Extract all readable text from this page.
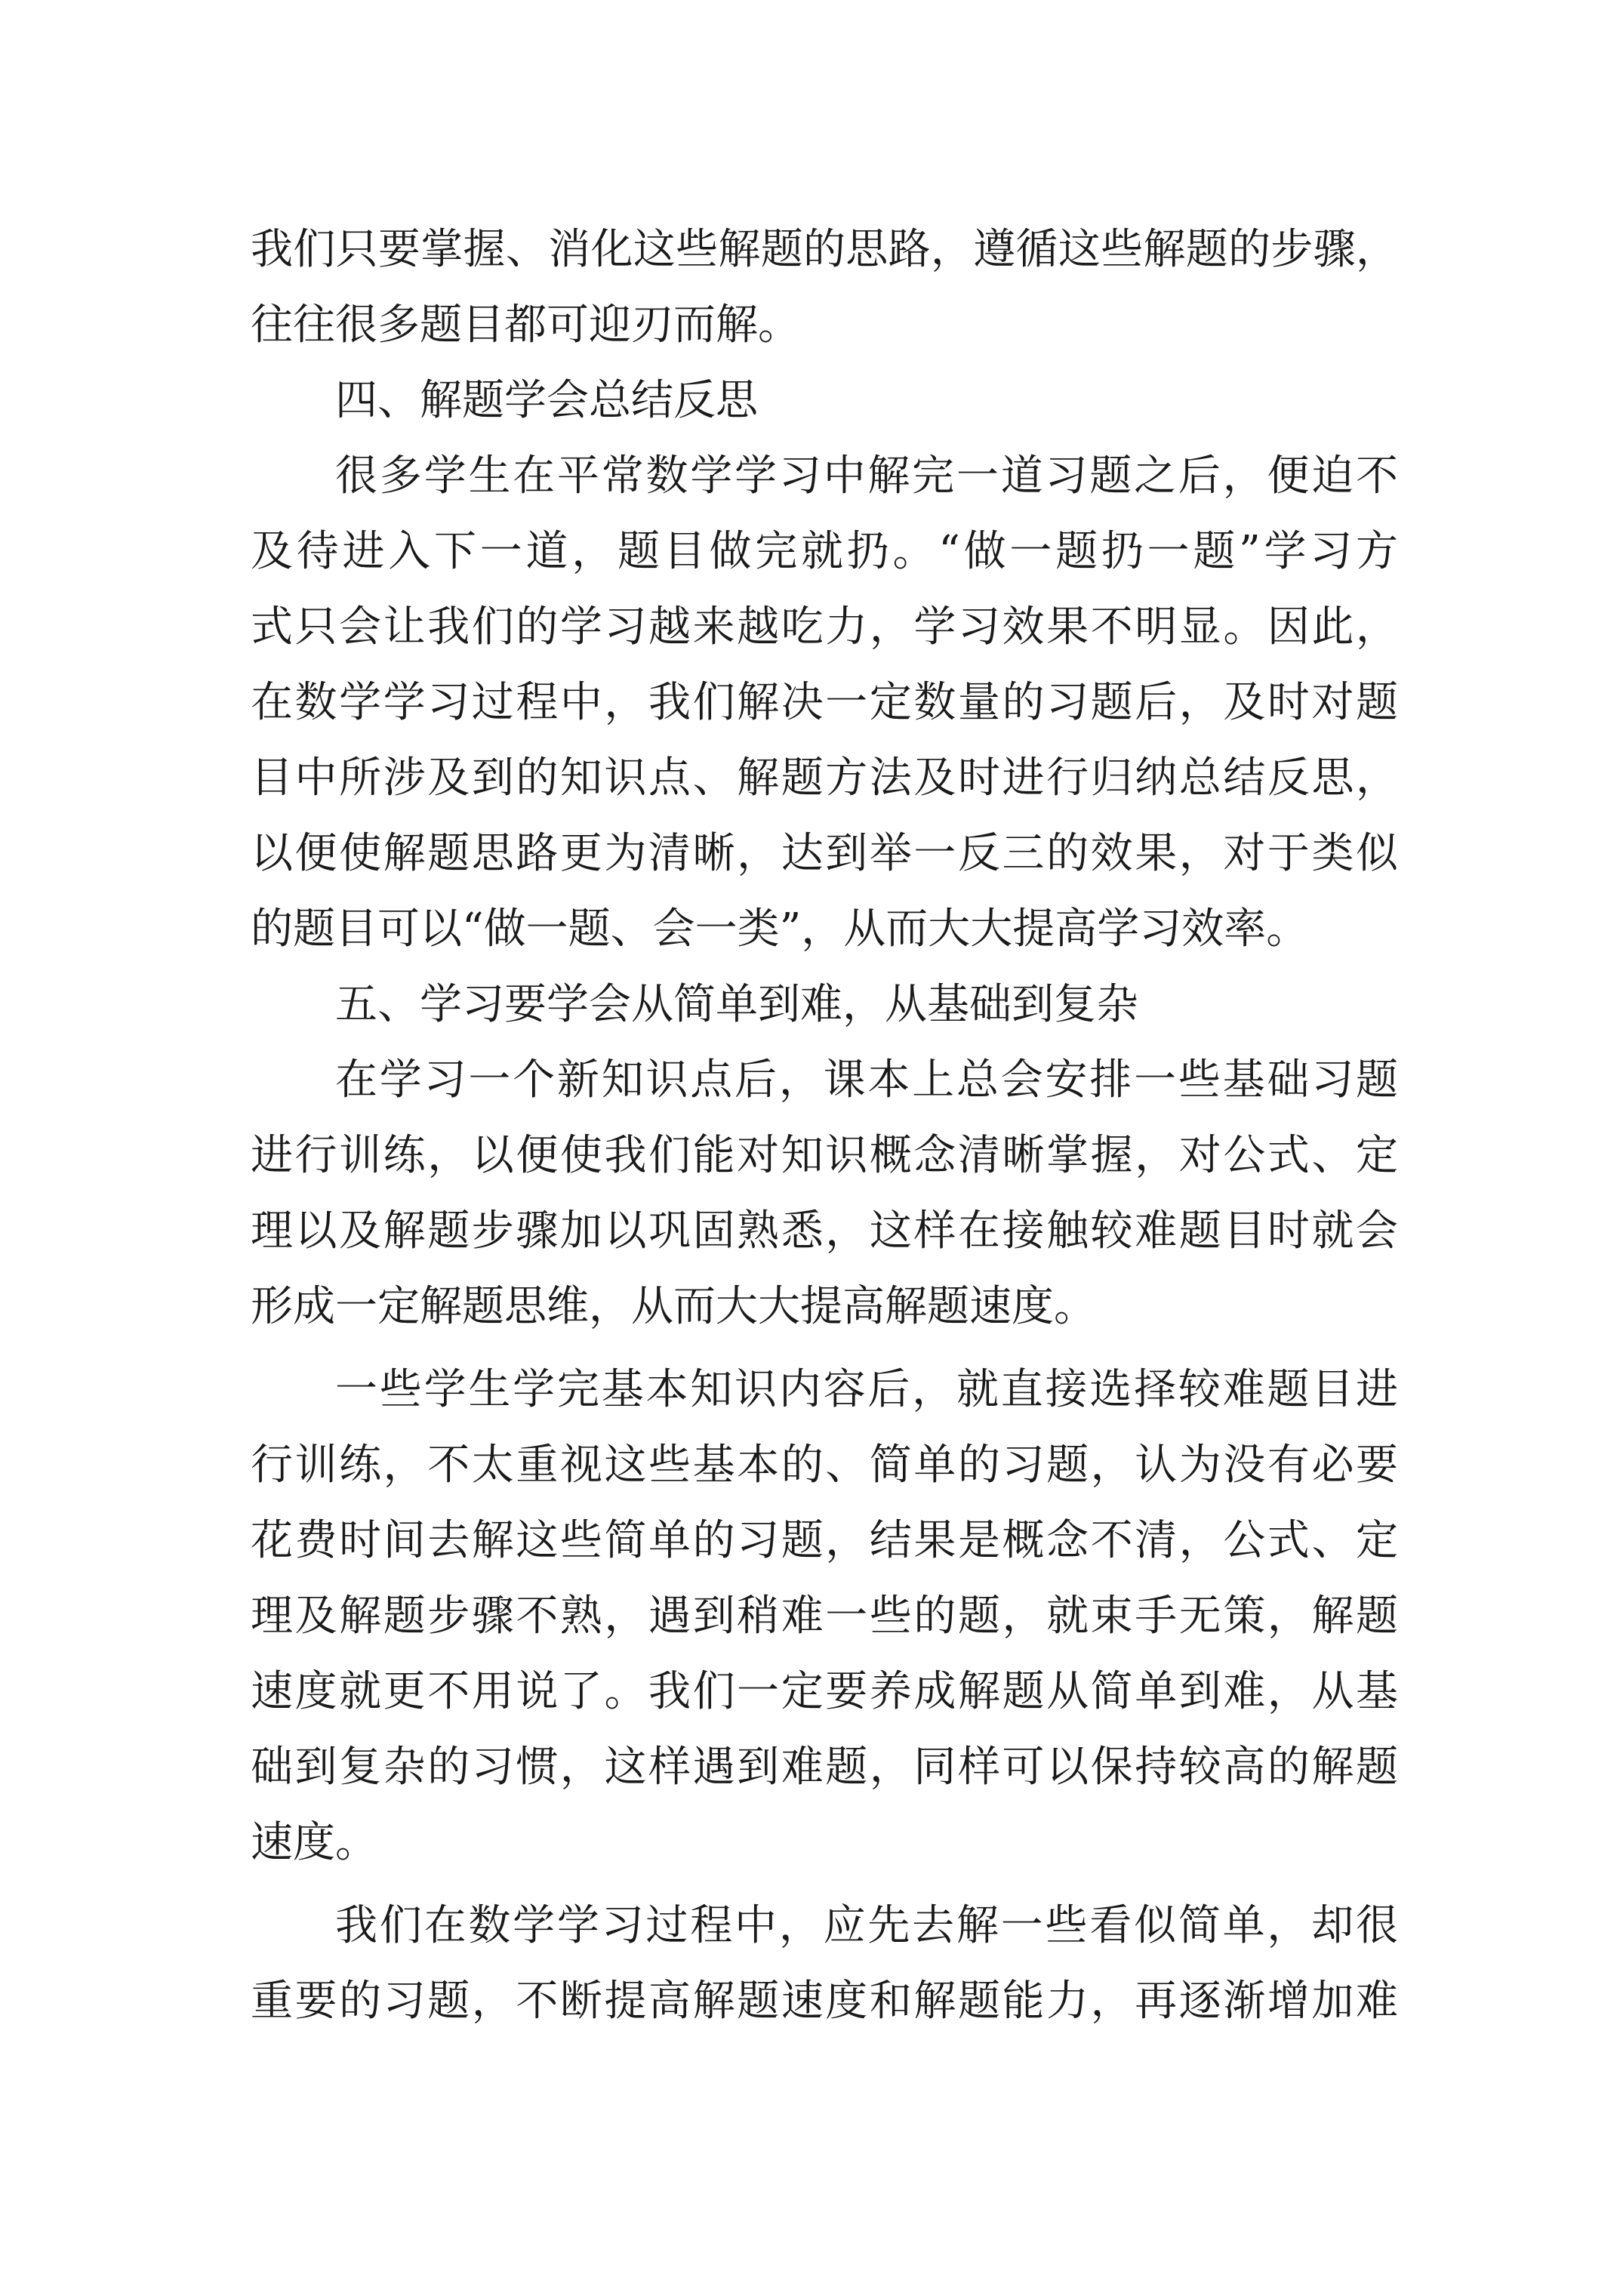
我们只要掌握、消化这些解题的思路，遵循这些解题的步骤，
往往很多题目都可迎刃而解。
四、解题学会总结反思
很多学生在平常数学学习中解完一道习题之后，便迫不
及待进入下一道，题目做完就扔。“做一题扔一题”学习方
式只会让我们的学习越来越吃力，学习效果不明显。因此，
在数学学习过程中，我们解决一定数量的习题后，及时对题
目中所涉及到的知识点、解题方法及时进行归纳总结反思，
以便使解题思路更为清晰，达到举一反三的效果，对于类似
的题目可以“做一题、会一类”，从而大大提高学习效率。
五、学习要学会从简单到难，从基础到复杂
在学习一个新知识点后，课本上总会安排一些基础习题
进行训练，以便使我们能对知识概念清晰掌握，对公式、定
理以及解题步骤加以巩固熟悉，这样在接触较难题目时就会
形成一定解题思维，从而大大提高解题速度。
一些学生学完基本知识内容后，就直接选择较难题目进
行训练，不太重视这些基本的、简单的习题，认为没有必要
花费时间去解这些简单的习题，结果是概念不清，公式、定
理及解题步骤不熟，遇到稍难一些的题，就束手无策，解题
速度就更不用说了。我们一定要养成解题从简单到难，从基
础到复杂的习惯，这样遇到难题，同样可以保持较高的解题
速度。
我们在数学学习过程中，应先去解一些看似简单，却很
重要的习题，不断提高解题速度和解题能力，再逐渐增加难
